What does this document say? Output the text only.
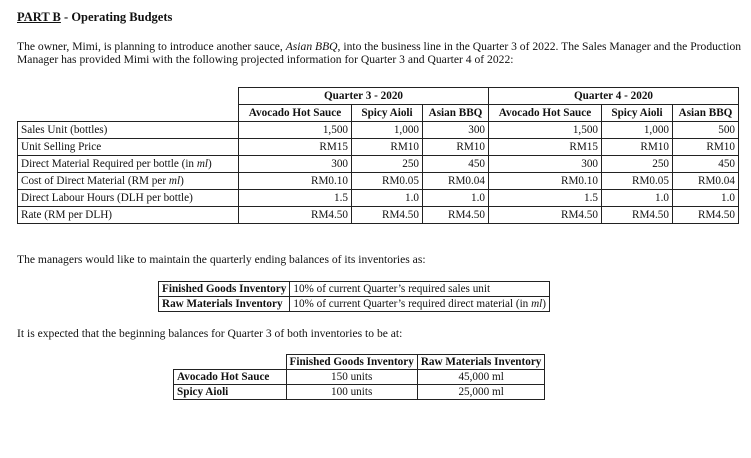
PART B - Operating Budgets
The owner, Mimi, is planning to introduce another sauce, Asian BBQ, into the business line in the Quarter 3 of 2022. The Sales Manager and the Production Manager has provided Mimi with the following projected information for Quarter 3 and Quarter 4 of 2022:
	Quarter 3 - 2020			Quarter 4 - 2020		
	Avocado Hot Sauce	Spicy Aioli	Asian BBQ	Avocado Hot Sauce	Spicy Aioli	Asian BBQ
Sales Unit (bottles)	1,500	1,000	300	1,500	1,000	500
Unit Selling Price	RM15	RM10	RM10	RM15	RM10	RM10
Direct Material Required per bottle (in ml)	300	250	450	300	250	450
Cost of Direct Material (RM per ml)	RM0.10	RM0.05	RM0.04	RM0.10	RM0.05	RM0.04
Direct Labour Hours (DLH per bottle)	1.5	1.0	1.0	1.5	1.0	1.0
Rate (RM per DLH)	RM4.50	RM4.50	RM4.50	RM4.50	RM4.50	RM4.50
The managers would like to maintain the quarterly ending balances of its inventories as:
Finished Goods Inventory	10% of current Quarter’s required sales unit
Raw Materials Inventory	10% of current Quarter’s required direct material (in ml)
It is expected that the beginning balances for Quarter 3 of both inventories to be at:
	Finished Goods Inventory	Raw Materials Inventory
Avocado Hot Sauce	150 units	45,000 ml
Spicy Aioli	100 units	25,000 ml
